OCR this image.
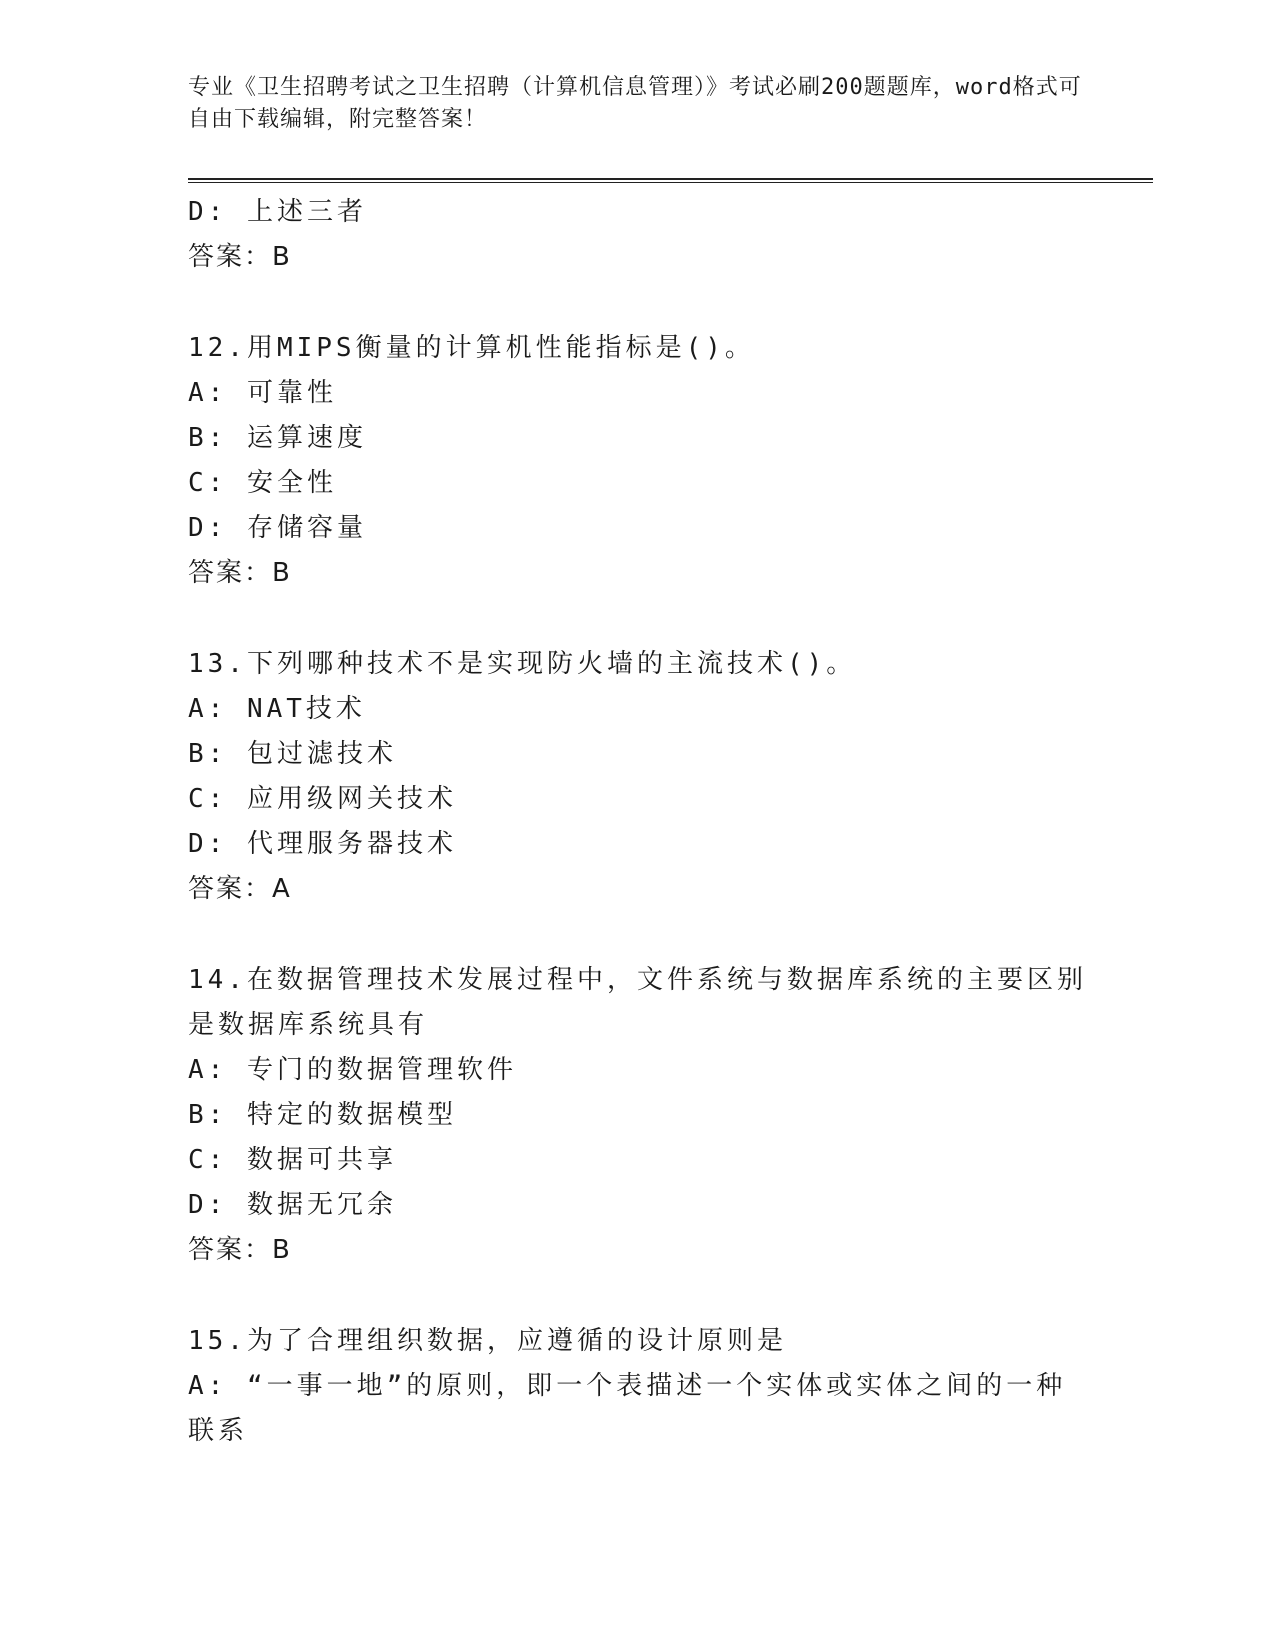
专业《卫生招聘考试之卫生招聘（计算机信息管理）》考试必刷200题题库，word格式可自由下载编辑，附完整答案！
D: 上述三者
答案：B
12.用MIPS衡量的计算机性能指标是()。
A: 可靠性
B: 运算速度
C: 安全性
D: 存储容量
答案：B
13.下列哪种技术不是实现防火墙的主流技术()。
A: NAT技术
B: 包过滤技术
C: 应用级网关技术
D: 代理服务器技术
答案：A
14.在数据管理技术发展过程中，文件系统与数据库系统的主要区别是数据库系统具有
A: 专门的数据管理软件
B: 特定的数据模型
C: 数据可共享
D: 数据无冗余
答案：B
15.为了合理组织数据，应遵循的设计原则是
A: “一事一地”的原则，即一个表描述一个实体或实体之间的一种联系
